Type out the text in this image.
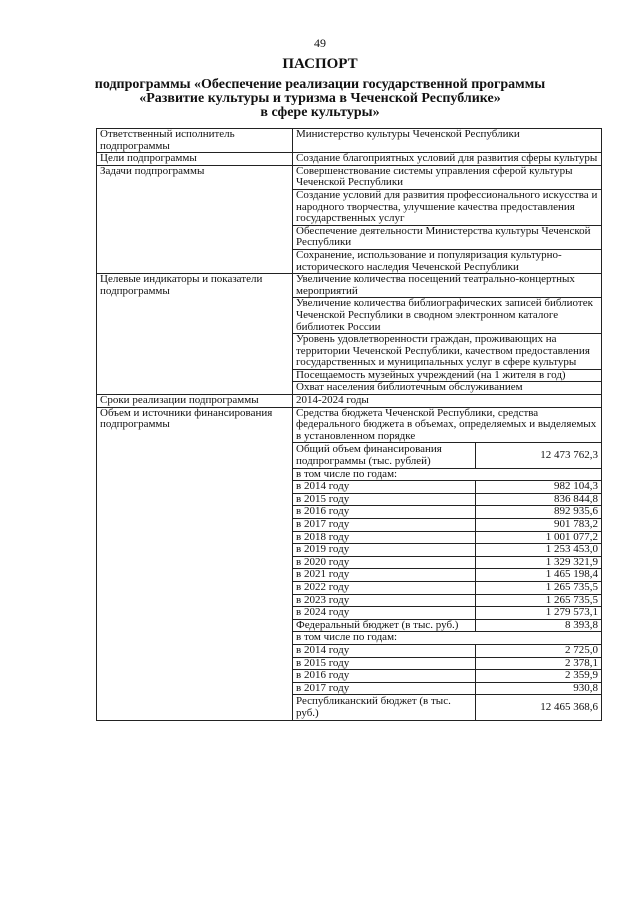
49
ПАСПОРТ
подпрограммы «Обеспечение реализации государственной программы
«Развитие культуры и туризма в Чеченской Республике»
в сфере культуры»
Ответственный исполнитель подпрограммы	Министерство культуры Чеченской Республики	
Цели подпрограммы	Создание благоприятных условий для развития сферы культуры	
Задачи подпрограммы	Совершенствование системы управления сферой культуры Чеченской Республики	
	Создание условий для развития профессионального искусства и народного творчества, улучшение качества предоставления государственных услуг	
	Обеспечение деятельности Министерства культуры Чеченской Республики	
	Сохранение, использование и популяризация культурно-исторического наследия Чеченской Республики	
Целевые индикаторы и показатели подпрограммы	Увеличение количества посещений театрально-концертных мероприятий	
	Увеличение количества библиографических записей библиотек Чеченской Республики в сводном электронном каталоге библиотек России	
	Уровень удовлетворенности граждан, проживающих на территории Чеченской Республики, качеством предоставления государственных и муниципальных услуг в сфере культуры	
	Посещаемость музейных учреждений (на 1 жителя в год)	
	Охват населения библиотечным обслуживанием	
Сроки реализации подпрограммы	2014-2024 годы	
Объем и источники финансирования подпрограммы	Средства бюджета Чеченской Республики, средства федерального бюджета в объемах, определяемых и выделяемых в установленном порядке	
	Общий объем финансирования подпрограммы (тыс. рублей)	12 473 762,3
	в том числе по годам:	
	в 2014 году	982 104,3
	в 2015 году	836 844,8
	в 2016 году	892 935,6
	в 2017 году	901 783,2
	в 2018 году	1 001 077,2
	в 2019 году	1 253 453,0
	в 2020 году	1 329 321,9
	в 2021 году	1 465 198,4
	в 2022 году	1 265 735,5
	в 2023 году	1 265 735,5
	в 2024 году	1 279 573,1
	Федеральный бюджет (в тыс. руб.)	8 393,8
	в том числе по годам:	
	в 2014 году	2 725,0
	в 2015 году	2 378,1
	в 2016 году	2 359,9
	в 2017 году	930,8
	Республиканский бюджет (в тыс. руб.)	12 465 368,6
